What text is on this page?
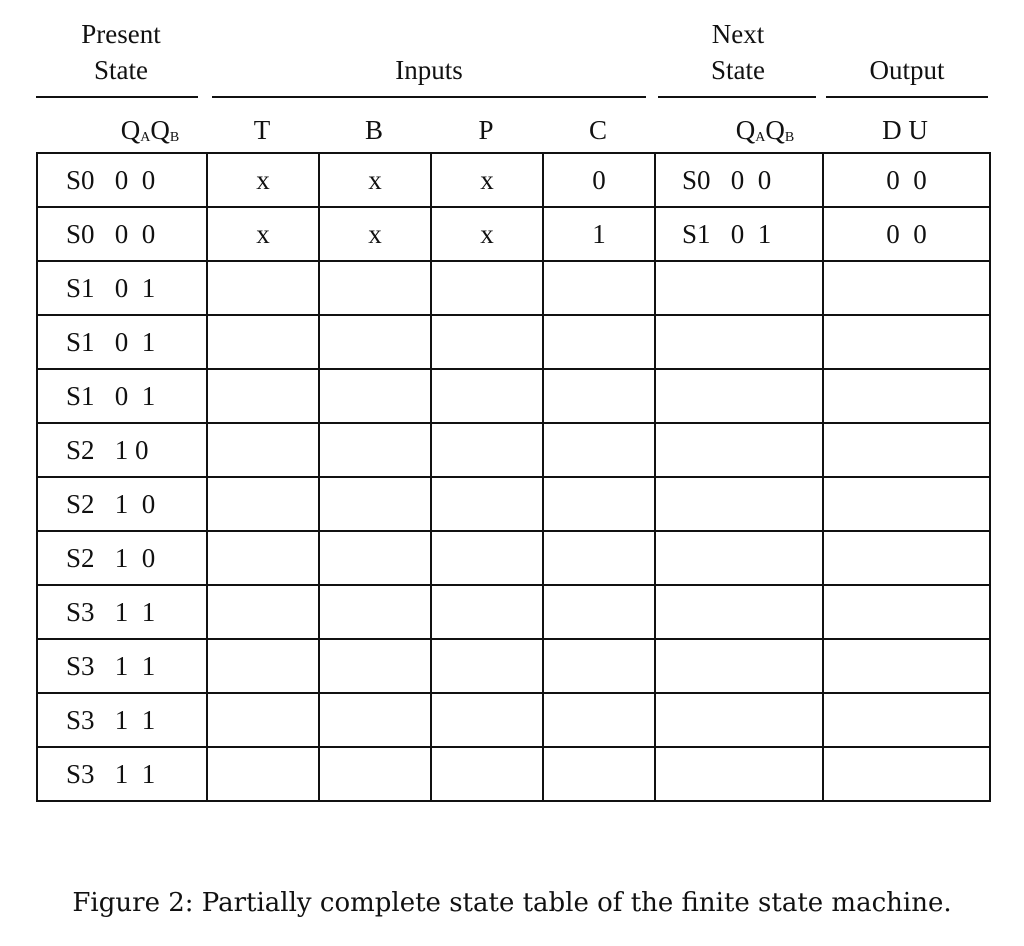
Present
State	Inputs
Next
State	Output
QAQB	T	B	P	C	QAQB	D U
S0   0  0	x	x	x	0	S0   0  0	0  0
S0   0  0	x	x	x	1	S1   0  1	0  0
S1   0  1						
S1   0  1						
S1   0  1						
S2   1 0						
S2   1  0						
S2   1  0						
S3   1  1						
S3   1  1						
S3   1  1						
S3   1  1						
Figure 2: Partially complete state table of the finite state machine.
